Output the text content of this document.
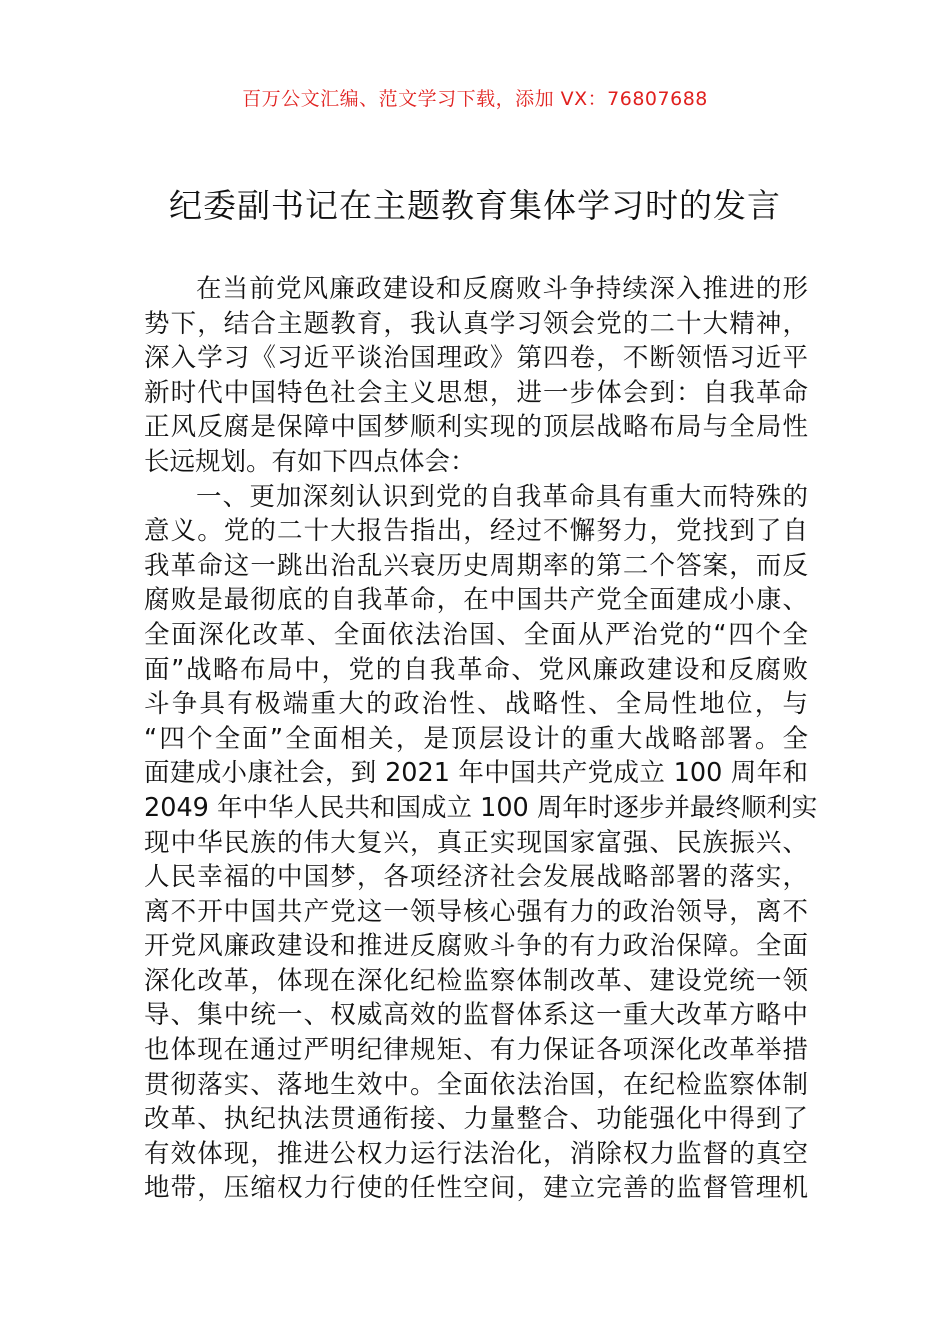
百万公文汇编、范文学习下载，添加 VX：76807688
纪委副书记在主题教育集体学习时的发言
在当前党风廉政建设和反腐败斗争持续深入推进的形
势下，结合主题教育，我认真学习领会党的二十大精神，
深入学习《习近平谈治国理政》第四卷，不断领悟习近平
新时代中国特色社会主义思想，进一步体会到：自我革命
正风反腐是保障中国梦顺利实现的顶层战略布局与全局性
长远规划。有如下四点体会：
一、更加深刻认识到党的自我革命具有重大而特殊的
意义。党的二十大报告指出，经过不懈努力，党找到了自
我革命这一跳出治乱兴衰历史周期率的第二个答案，而反
腐败是最彻底的自我革命，在中国共产党全面建成小康、
全面深化改革、全面依法治国、全面从严治党的“四个全
面”战略布局中，党的自我革命、党风廉政建设和反腐败
斗争具有极端重大的政治性、战略性、全局性地位，与
“四个全面”全面相关，是顶层设计的重大战略部署。全
面建成小康社会，到 2021 年中国共产党成立 100 周年和
2049 年中华人民共和国成立 100 周年时逐步并最终顺利实
现中华民族的伟大复兴，真正实现国家富强、民族振兴、
人民幸福的中国梦，各项经济社会发展战略部署的落实，
离不开中国共产党这一领导核心强有力的政治领导，离不
开党风廉政建设和推进反腐败斗争的有力政治保障。全面
深化改革，体现在深化纪检监察体制改革、建设党统一领
导、集中统一、权威高效的监督体系这一重大改革方略中
也体现在通过严明纪律规矩、有力保证各项深化改革举措
贯彻落实、落地生效中。全面依法治国，在纪检监察体制
改革、执纪执法贯通衔接、力量整合、功能强化中得到了
有效体现，推进公权力运行法治化，消除权力监督的真空
地带，压缩权力行使的任性空间，建立完善的监督管理机
